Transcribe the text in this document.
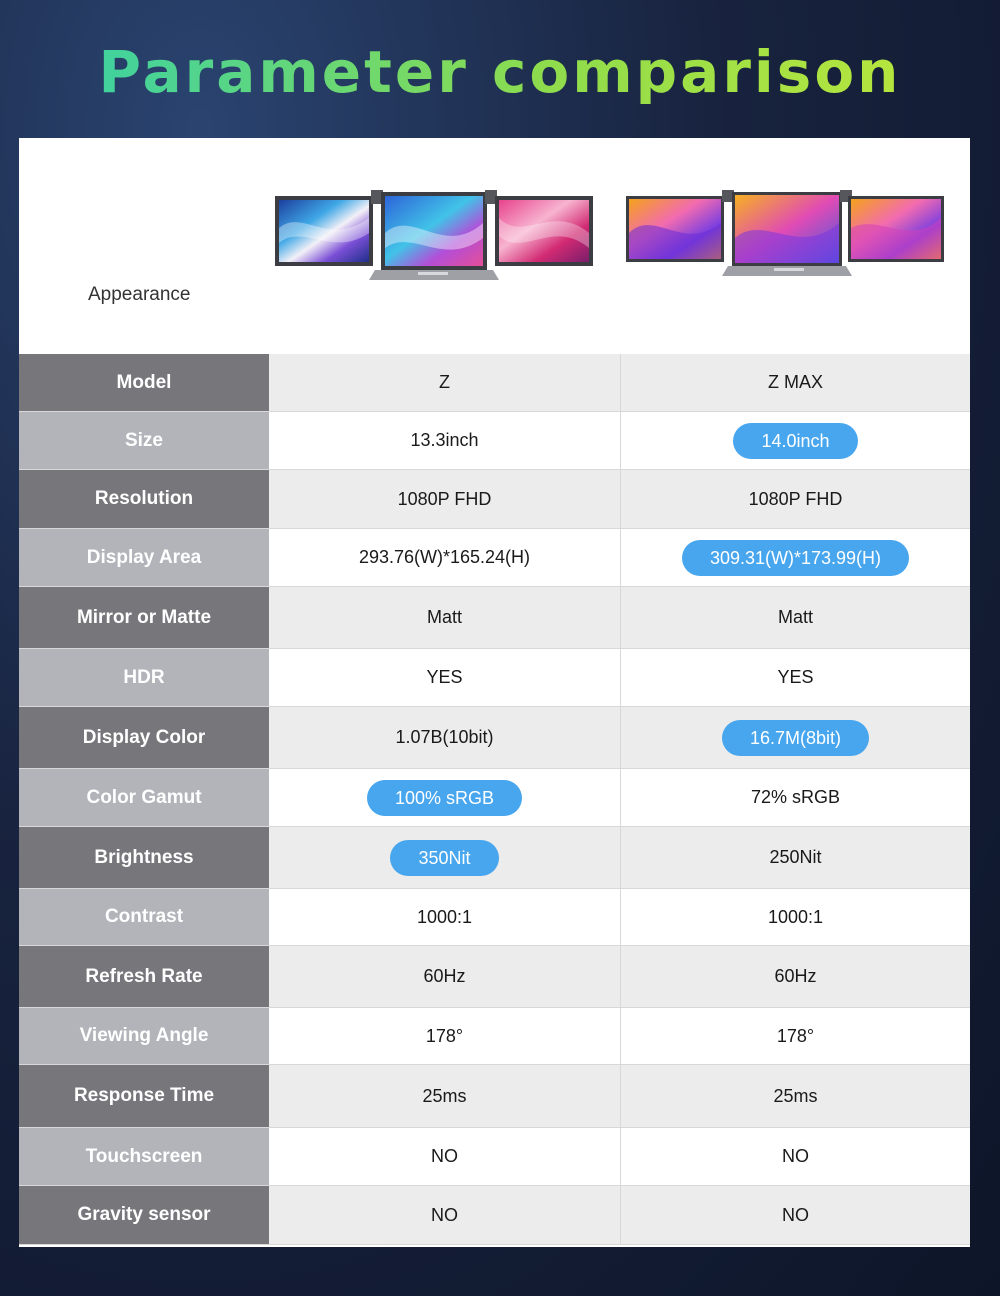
Parameter comparison
Appearance
Model	Z	Z MAX
Size	13.3inch	14.0inch
Resolution	1080P FHD	1080P FHD
Display Area	293.76(W)*165.24(H)	309.31(W)*173.99(H)
Mirror or Matte	Matt	Matt
HDR	YES	YES
Display Color	1.07B(10bit)	16.7M(8bit)
Color Gamut	100% sRGB	72% sRGB
Brightness	350Nit	250Nit
Contrast	1000:1	1000:1
Refresh Rate	60Hz	60Hz
Viewing Angle	178°	178°
Response Time	25ms	25ms
Touchscreen	NO	NO
Gravity sensor	NO	NO
